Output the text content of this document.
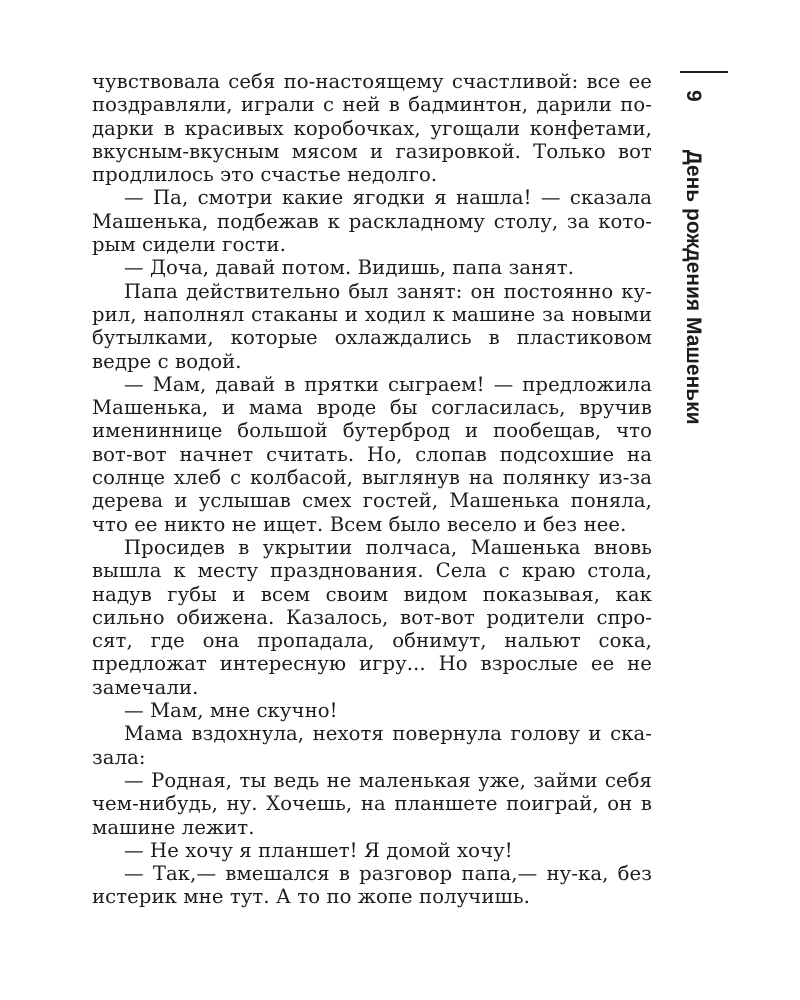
9День рождения Машеньки
чувствовала себя по-настоящему счастливой: все ее
поздравляли, играли с ней в бадминтон, дарили по-
дарки в красивых коробочках, угощали конфетами,
вкусным-вкусным мясом и газировкой. Только вот
продлилось это счастье недолго.
— Па, смотри какие ягодки я нашла! — сказала
Машенька, подбежав к раскладному столу, за кото-
рым сидели гости.
— Доча, давай потом. Видишь, папа занят.
Папа действительно был занят: он постоянно ку-
рил, наполнял стаканы и ходил к машине за новыми
бутылками, которые охлаждались в пластиковом
ведре с водой.
— Мам, давай в прятки сыграем! — предложила
Машенька, и мама вроде бы согласилась, вручив
имениннице большой бутерброд и пообещав, что
вот-вот начнет считать. Но, слопав подсохшие на
солнце хлеб с колбасой, выглянув на полянку из-за
дерева и услышав смех гостей, Машенька поняла,
что ее никто не ищет. Всем было весело и без нее.
Просидев в укрытии полчаса, Машенька вновь
вышла к месту празднования. Села с краю стола,
надув губы и всем своим видом показывая, как
сильно обижена. Казалось, вот-вот родители спро-
сят, где она пропадала, обнимут, нальют сока,
предложат интересную игру... Но взрослые ее не
замечали.
— Мам, мне скучно!
Мама вздохнула, нехотя повернула голову и ска-
зала:
— Родная, ты ведь не маленькая уже, займи себя
чем-нибудь, ну. Хочешь, на планшете поиграй, он в
машине лежит.
— Не хочу я планшет! Я домой хочу!
— Так,— вмешался в разговор папа,— ну-ка, без
истерик мне тут. А то по жопе получишь.
